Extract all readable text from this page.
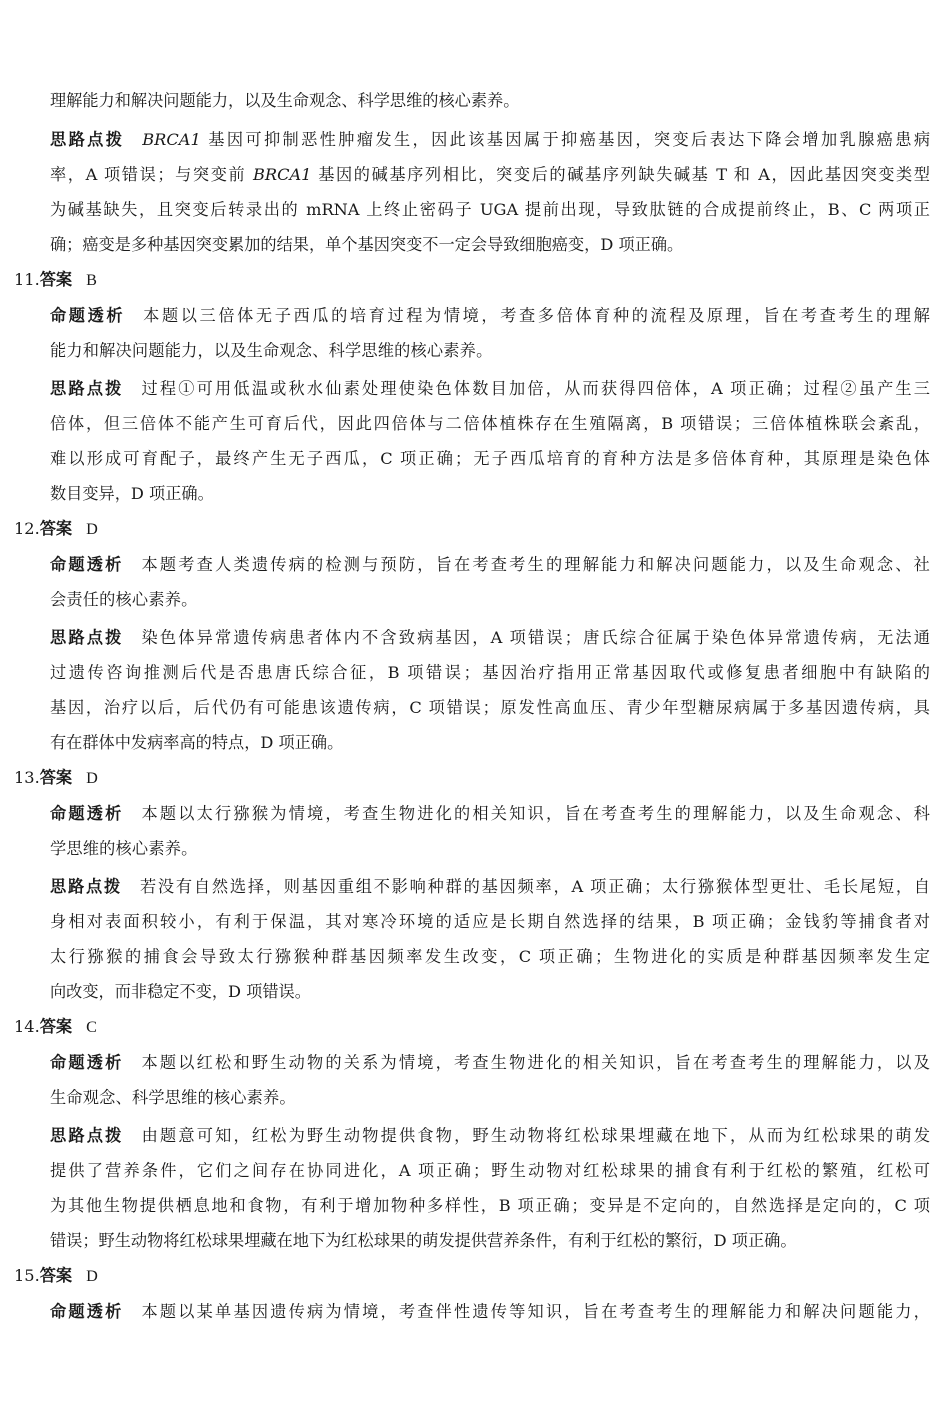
理解能力和解决问题能力，以及生命观念、科学思维的核心素养。
思路点拨 BRCA1 基因可抑制恶性肿瘤发生，因此该基因属于抑癌基因，突变后表达下降会增加乳腺癌患病
率，A 项错误；与突变前 BRCA1 基因的碱基序列相比，突变后的碱基序列缺失碱基 T 和 A，因此基因突变类型
为碱基缺失，且突变后转录出的 mRNA 上终止密码子 UGA 提前出现，导致肽链的合成提前终止，B、C 两项正
确；癌变是多种基因突变累加的结果，单个基因突变不一定会导致细胞癌变，D 项正确。
11.答案 B
命题透析 本题以三倍体无子西瓜的培育过程为情境，考查多倍体育种的流程及原理，旨在考查考生的理解
能力和解决问题能力，以及生命观念、科学思维的核心素养。
思路点拨 过程①可用低温或秋水仙素处理使染色体数目加倍，从而获得四倍体，A 项正确；过程②虽产生三
倍体，但三倍体不能产生可育后代，因此四倍体与二倍体植株存在生殖隔离，B 项错误；三倍体植株联会紊乱，
难以形成可育配子，最终产生无子西瓜，C 项正确；无子西瓜培育的育种方法是多倍体育种，其原理是染色体
数目变异，D 项正确。
12.答案 D
命题透析 本题考查人类遗传病的检测与预防，旨在考查考生的理解能力和解决问题能力，以及生命观念、社
会责任的核心素养。
思路点拨 染色体异常遗传病患者体内不含致病基因，A 项错误；唐氏综合征属于染色体异常遗传病，无法通
过遗传咨询推测后代是否患唐氏综合征，B 项错误；基因治疗指用正常基因取代或修复患者细胞中有缺陷的
基因，治疗以后，后代仍有可能患该遗传病，C 项错误；原发性高血压、青少年型糖尿病属于多基因遗传病，具
有在群体中发病率高的特点，D 项正确。
13.答案 D
命题透析 本题以太行猕猴为情境，考查生物进化的相关知识，旨在考查考生的理解能力，以及生命观念、科
学思维的核心素养。
思路点拨 若没有自然选择，则基因重组不影响种群的基因频率，A 项正确；太行猕猴体型更壮、毛长尾短，自
身相对表面积较小，有利于保温，其对寒冷环境的适应是长期自然选择的结果，B 项正确；金钱豹等捕食者对
太行猕猴的捕食会导致太行猕猴种群基因频率发生改变，C 项正确；生物进化的实质是种群基因频率发生定
向改变，而非稳定不变，D 项错误。
14.答案 C
命题透析 本题以红松和野生动物的关系为情境，考查生物进化的相关知识，旨在考查考生的理解能力，以及
生命观念、科学思维的核心素养。
思路点拨 由题意可知，红松为野生动物提供食物，野生动物将红松球果埋藏在地下，从而为红松球果的萌发
提供了营养条件，它们之间存在协同进化，A 项正确；野生动物对红松球果的捕食有利于红松的繁殖，红松可
为其他生物提供栖息地和食物，有利于增加物种多样性，B 项正确；变异是不定向的，自然选择是定向的，C 项
错误；野生动物将红松球果埋藏在地下为红松球果的萌发提供营养条件，有利于红松的繁衍，D 项正确。
15.答案 D
命题透析 本题以某单基因遗传病为情境，考查伴性遗传等知识，旨在考查考生的理解能力和解决问题能力，
